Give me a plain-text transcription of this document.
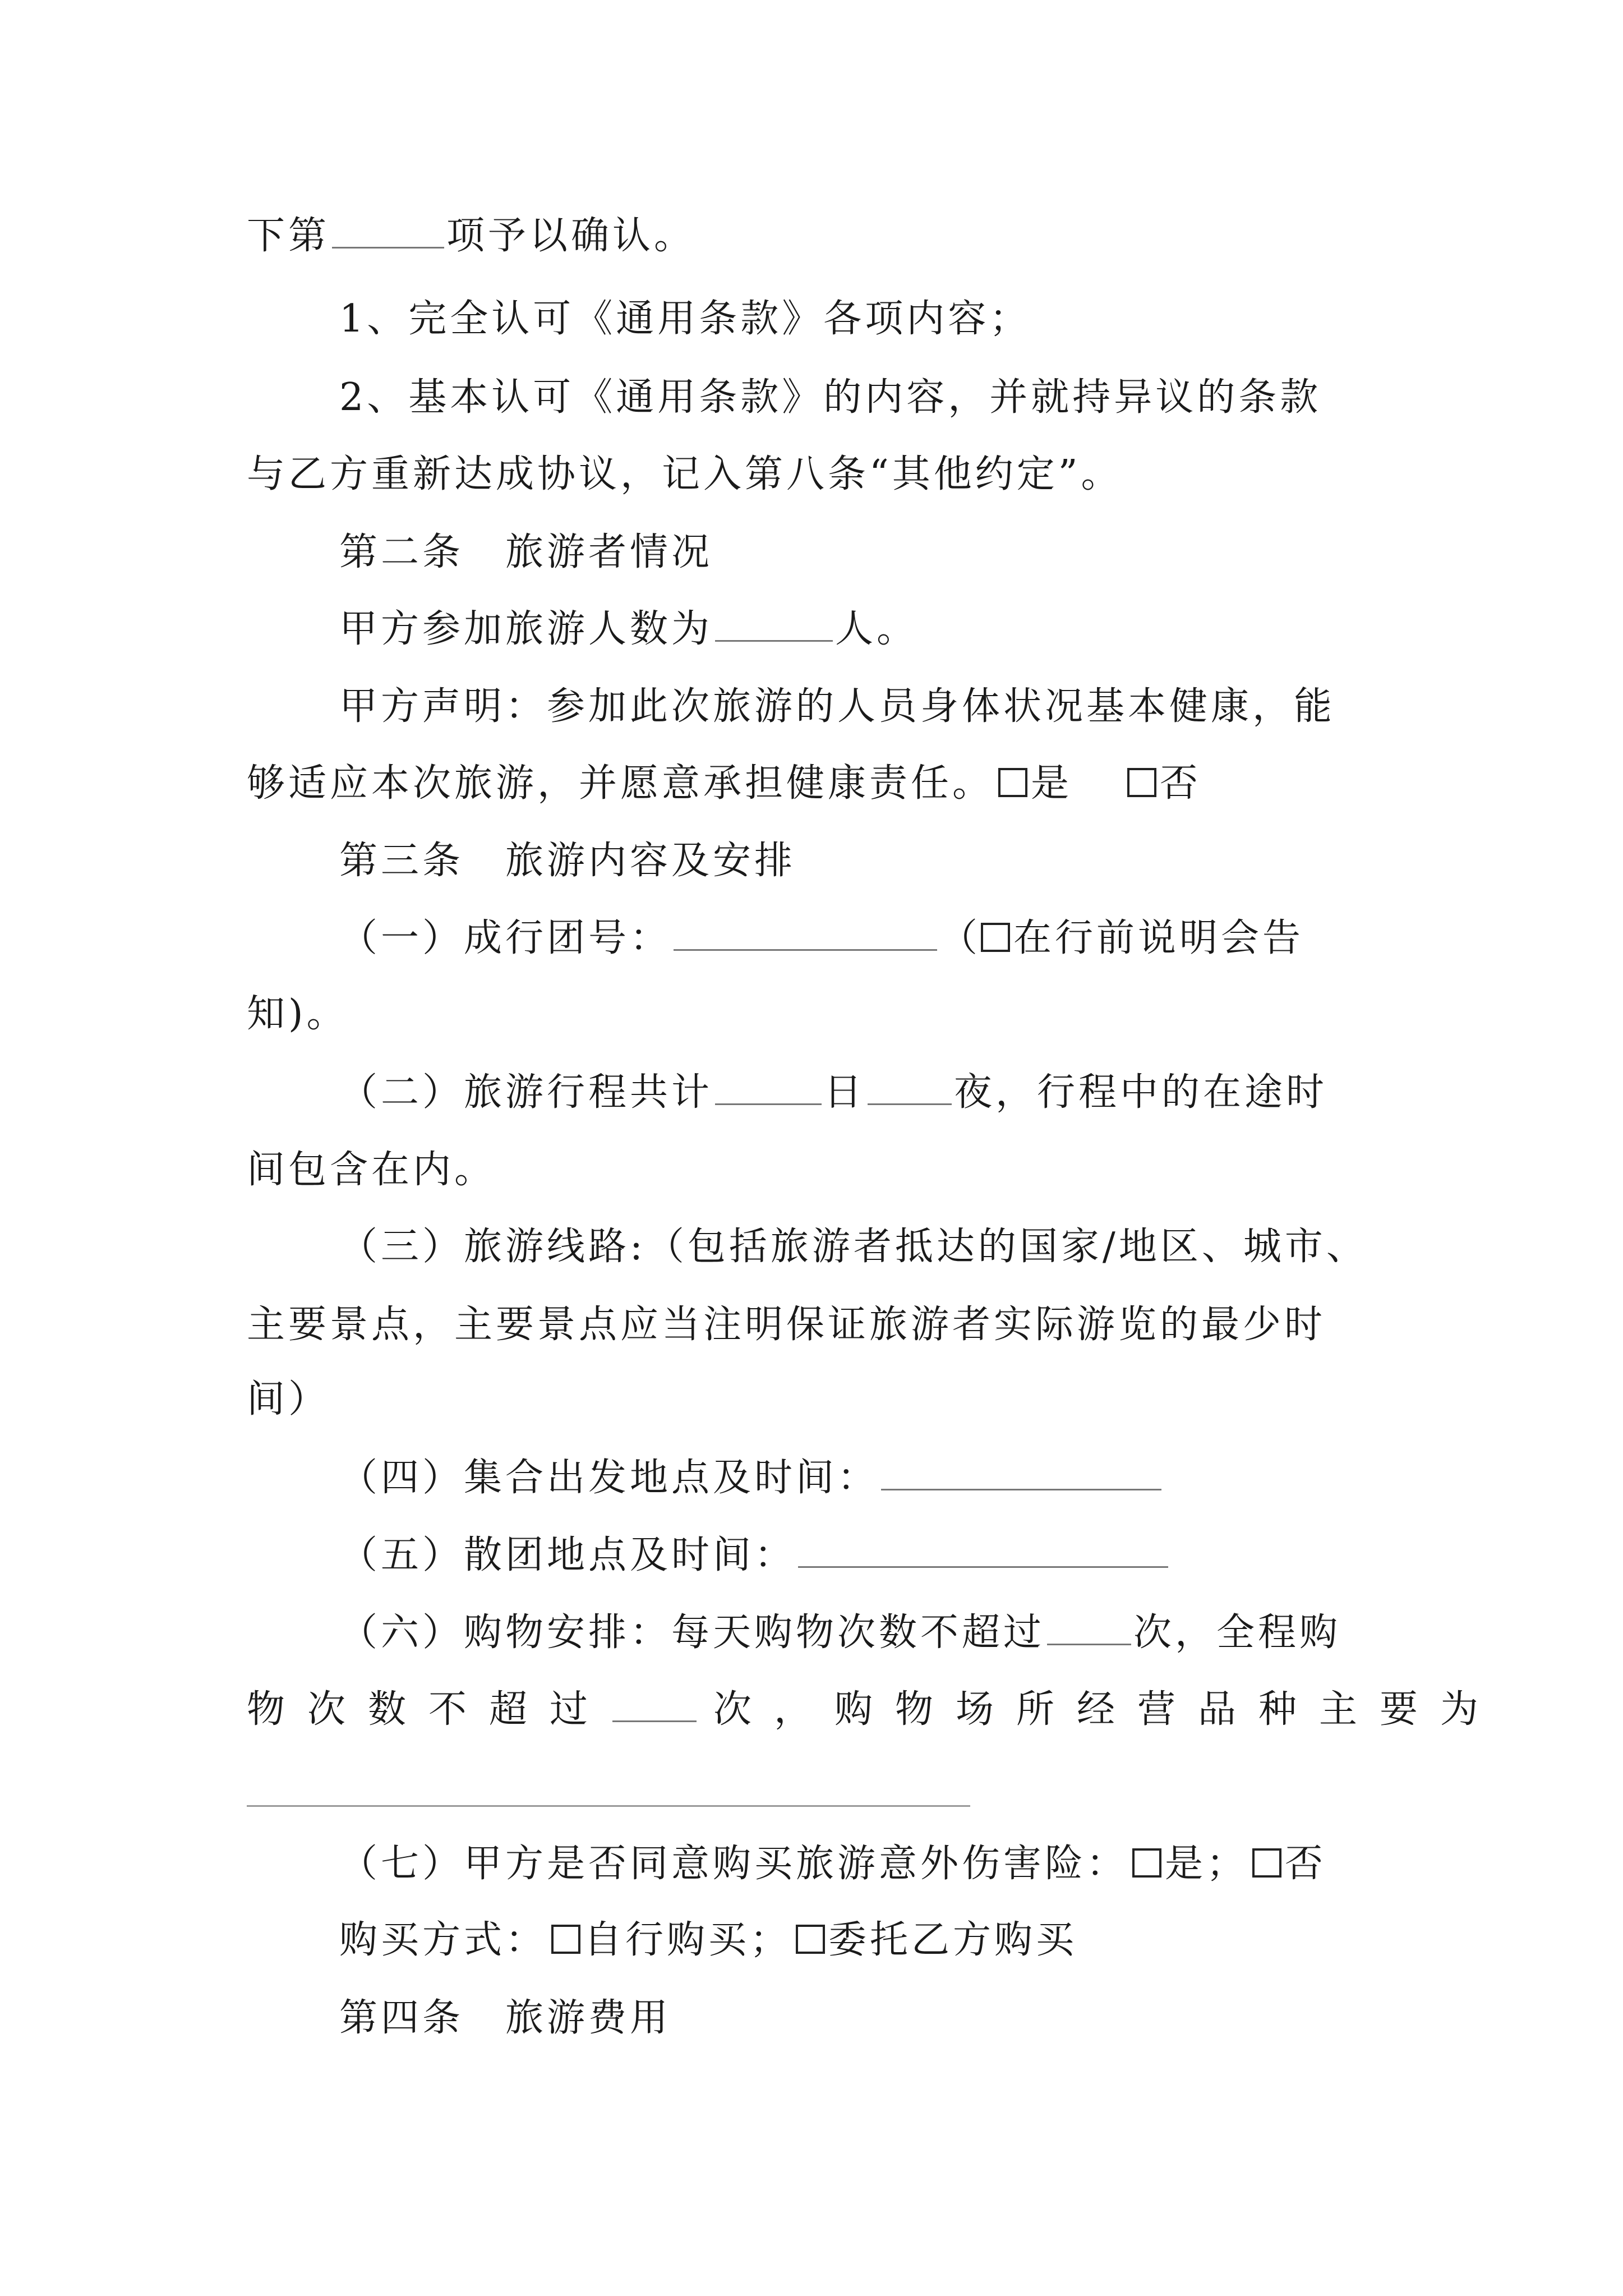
下第	项予以确认。
1、完全认可《通用条款》各项内容；
2、基本认可《通用条款》的内容，并就持异议的条款
与乙方重新达成协议，记入第八条“其他约定”。
第二条　旅游者情况
甲方参加旅游人数为	人。
甲方声明：参加此次旅游的人员身体状况基本健康，能
够适应本次旅游，并愿意承担健康责任。 是 否
第三条　旅游内容及安排
（一）成行团号：	（ 在行前说明会告
知)。
（二）旅游行程共计	日 夜，行程中的在途时
间包含在内。
（三）旅游线路:（包括旅游者抵达的国家/地区、城市、
主要景点，主要景点应当注明保证旅游者实际游览的最少时
间）
（四）集合出发地点及时间：
（五）散团地点及时间：
（六）购物安排：每天购物次数不超过 次，全程购
物次数不超过	次，购物场所经营品种主要为
（七）甲方是否同意购买旅游意外伤害险： 是； 否
购买方式： 自行购买； 委托乙方购买
第四条　旅游费用
